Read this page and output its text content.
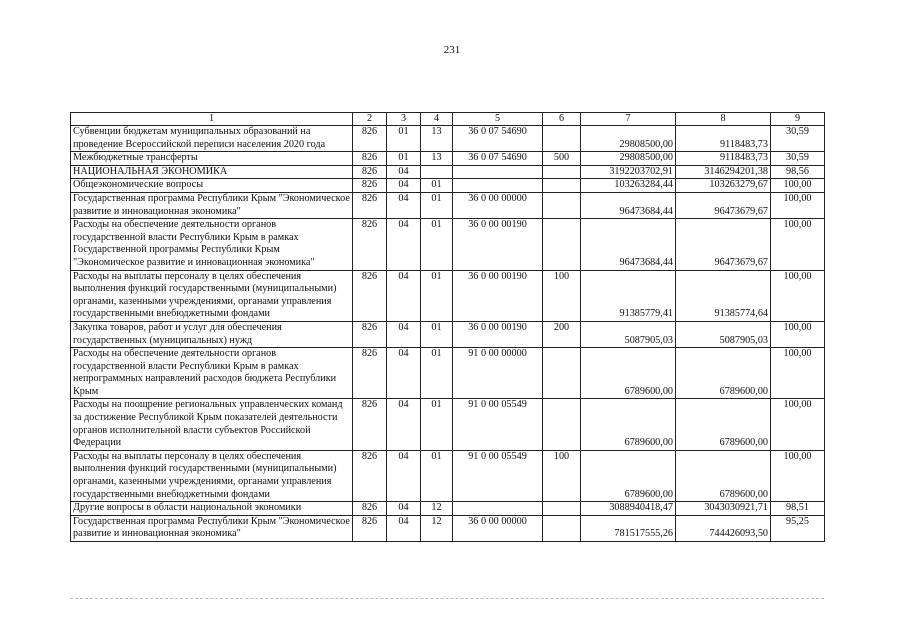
231
1	2	3	4	5	6	7	8	9
Субвенции бюджетам муниципальных образований на проведение Всероссийской переписи населения 2020 года	826	01	13	36 0 07 54690		29808500,00	9118483,73	30,59
Межбюджетные трансферты	826	01	13	36 0 07 54690	500	29808500,00	9118483,73	30,59
НАЦИОНАЛЬНАЯ ЭКОНОМИКА	826	04				3192203702,91	3146294201,38	98,56
Общеэкономические вопросы	826	04	01			103263284,44	103263279,67	100,00
Государственная программа Республики Крым "Экономическое развитие и инновационная экономика"	826	04	01	36 0 00 00000		96473684,44	96473679,67	100,00
Расходы на обеспечение деятельности органов государственной власти Республики Крым в рамках Государственной программы Республики Крым "Экономическое развитие и инновационная экономика"	826	04	01	36 0 00 00190		96473684,44	96473679,67	100,00
Расходы на выплаты персоналу в целях обеспечения выполнения функций государственными (муниципальными) органами, казенными учреждениями, органами управления государственными внебюджетными фондами	826	04	01	36 0 00 00190	100	91385779,41	91385774,64	100,00
Закупка товаров, работ и услуг для обеспечения государственных (муниципальных) нужд	826	04	01	36 0 00 00190	200	5087905,03	5087905,03	100,00
Расходы на обеспечение деятельности органов государственной власти Республики Крым в рамках непрограммных направлений расходов бюджета Республики Крым	826	04	01	91 0 00 00000		6789600,00	6789600,00	100,00
Расходы на поощрение региональных управленческих команд за достижение Республикой Крым показателей деятельности органов исполнительной власти субъектов Российской Федерации	826	04	01	91 0 00 05549		6789600,00	6789600,00	100,00
Расходы на выплаты персоналу в целях обеспечения выполнения функций государственными (муниципальными) органами, казенными учреждениями, органами управления государственными внебюджетными фондами	826	04	01	91 0 00 05549	100	6789600,00	6789600,00	100,00
Другие вопросы в области национальной экономики	826	04	12			3088940418,47	3043030921,71	98,51
Государственная программа Республики Крым "Экономическое развитие и инновационная экономика"	826	04	12	36 0 00 00000		781517555,26	744426093,50	95,25
